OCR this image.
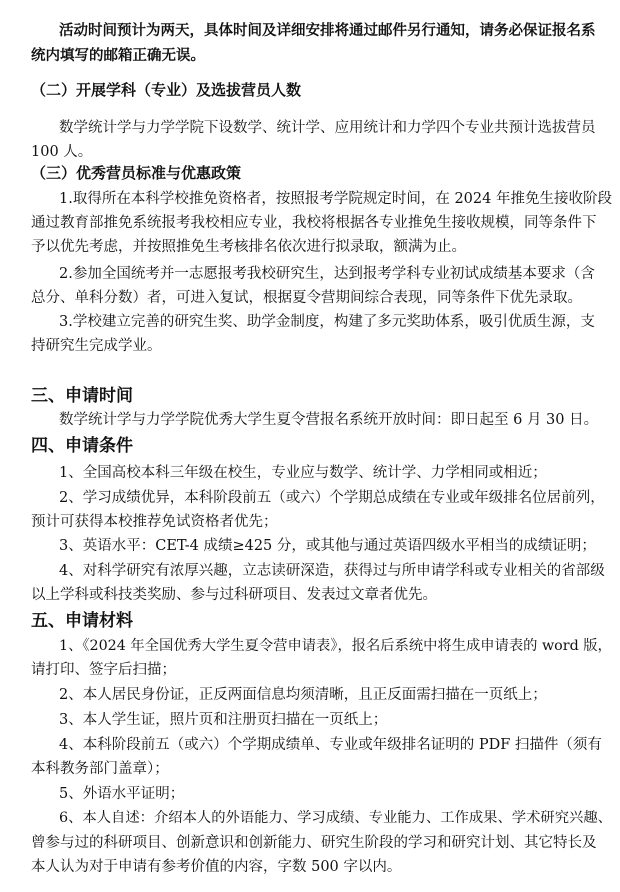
活动时间预计为两天，具体时间及详细安排将通过邮件另行通知，请务必保证报名系
统内填写的邮箱正确无误。
（二）开展学科（专业）及选拔营员人数
数学统计学与力学学院下设数学、统计学、应用统计和力学四个专业共预计选拔营员
100 人。
（三）优秀营员标准与优惠政策
1.取得所在本科学校推免资格者，按照报考学院规定时间，在 2024 年推免生接收阶段
通过教育部推免系统报考我校相应专业，我校将根据各专业推免生接收规模，同等条件下
予以优先考虑，并按照推免生考核排名依次进行拟录取，额满为止。
2.参加全国统考并一志愿报考我校研究生，达到报考学科专业初试成绩基本要求（含
总分、单科分数）者，可进入复试，根据夏令营期间综合表现，同等条件下优先录取。
3.学校建立完善的研究生奖、助学金制度，构建了多元奖助体系，吸引优质生源，支
持研究生完成学业。
三、申请时间
数学统计学与力学学院优秀大学生夏令营报名系统开放时间：即日起至 6 月 30 日。
四、申请条件
1、全国高校本科三年级在校生，专业应与数学、统计学、力学相同或相近；
2、学习成绩优异，本科阶段前五（或六）个学期总成绩在专业或年级排名位居前列，
预计可获得本校推荐免试资格者优先；
3、英语水平：CET-4 成绩≥425 分，或其他与通过英语四级水平相当的成绩证明；
4、对科学研究有浓厚兴趣，立志读研深造，获得过与所申请学科或专业相关的省部级
以上学科或科技类奖励、参与过科研项目、发表过文章者优先。
五、申请材料
1、《2024 年全国优秀大学生夏令营申请表》，报名后系统中将生成申请表的 word 版，
请打印、签字后扫描；
2、本人居民身份证，正反两面信息均须清晰，且正反面需扫描在一页纸上；
3、本人学生证，照片页和注册页扫描在一页纸上；
4、本科阶段前五（或六）个学期成绩单、专业或年级排名证明的 PDF 扫描件（须有
本科教务部门盖章）；
5、外语水平证明；
6、本人自述：介绍本人的外语能力、学习成绩、专业能力、工作成果、学术研究兴趣、
曾参与过的科研项目、创新意识和创新能力、研究生阶段的学习和研究计划、其它特长及
本人认为对于申请有参考价值的内容，字数 500 字以内。
